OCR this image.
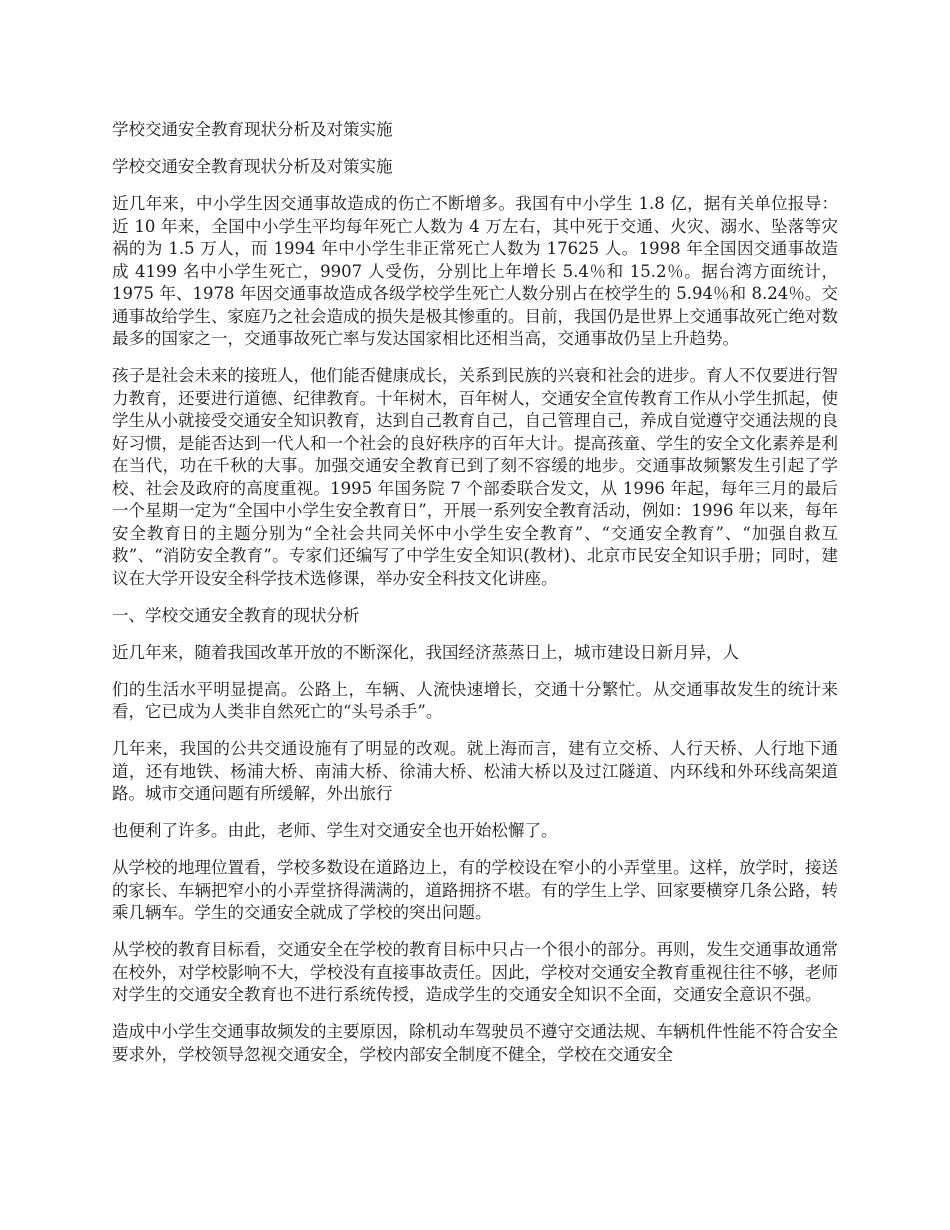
学校交通安全教育现状分析及对策实施

学校交通安全教育现状分析及对策实施

近几年来，中小学生因交通事故造成的伤亡不断增多。我国有中小学生 1.8 亿，据有关单位报导：近 10 年来，全国中小学生平均每年死亡人数为 4 万左右，其中死于交通、火灾、溺水、坠落等灾祸的为 1.5 万人，而 1994 年中小学生非正常死亡人数为 17625 人。1998 年全国因交通事故造成 4199 名中小学生死亡，9907 人受伤，分别比上年增长 5.4％和 15.2％。据台湾方面统计，1975 年、1978 年因交通事故造成各级学校学生死亡人数分别占在校学生的 5.94％和 8.24％。交通事故给学生、家庭乃之社会造成的损失是极其惨重的。目前，我国仍是世界上交通事故死亡绝对数最多的国家之一，交通事故死亡率与发达国家相比还相当高，交通事故仍呈上升趋势。

孩子是社会未来的接班人，他们能否健康成长，关系到民族的兴衰和社会的进步。育人不仅要进行智力教育，还要进行道德、纪律教育。十年树木，百年树人，交通安全宣传教育工作从小学生抓起，使学生从小就接受交通安全知识教育，达到自己教育自己，自己管理自己，养成自觉遵守交通法规的良好习惯，是能否达到一代人和一个社会的良好秩序的百年大计。提高孩童、学生的安全文化素养是利在当代，功在千秋的大事。加强交通安全教育已到了刻不容缓的地步。交通事故频繁发生引起了学校、社会及政府的高度重视。1995 年国务院 7 个部委联合发文，从 1996 年起，每年三月的最后一个星期一定为“全国中小学生安全教育日”，开展一系列安全教育活动，例如：1996 年以来，每年安全教育日的主题分别为“全社会共同关怀中小学生安全教育”、“交通安全教育”、“加强自救互救”、“消防安全教育”。专家们还编写了中学生安全知识(教材)、北京市民安全知识手册；同时，建议在大学开设安全科学技术选修课，举办安全科技文化讲座。

一、学校交通安全教育的现状分析

近几年来，随着我国改革开放的不断深化，我国经济蒸蒸日上，城市建设日新月异，人

们的生活水平明显提高。公路上，车辆、人流快速增长，交通十分繁忙。从交通事故发生的统计来看，它已成为人类非自然死亡的“头号杀手”。

几年来，我国的公共交通设施有了明显的改观。就上海而言，建有立交桥、人行天桥、人行地下通道，还有地铁、杨浦大桥、南浦大桥、徐浦大桥、松浦大桥以及过江隧道、内环线和外环线高架道路。城市交通问题有所缓解，外出旅行

也便利了许多。由此，老师、学生对交通安全也开始松懈了。

从学校的地理位置看，学校多数设在道路边上，有的学校设在窄小的小弄堂里。这样，放学时，接送的家长、车辆把窄小的小弄堂挤得满满的，道路拥挤不堪。有的学生上学、回家要横穿几条公路，转乘几辆车。学生的交通安全就成了学校的突出问题。

从学校的教育目标看，交通安全在学校的教育目标中只占一个很小的部分。再则，发生交通事故通常在校外，对学校影响不大，学校没有直接事故责任。因此，学校对交通安全教育重视往往不够，老师对学生的交通安全教育也不进行系统传授，造成学生的交通安全知识不全面，交通安全意识不强。

造成中小学生交通事故频发的主要原因，除机动车驾驶员不遵守交通法规、车辆机件性能不符合安全要求外，学校领导忽视交通安全，学校内部安全制度不健全，学校在交通安全
